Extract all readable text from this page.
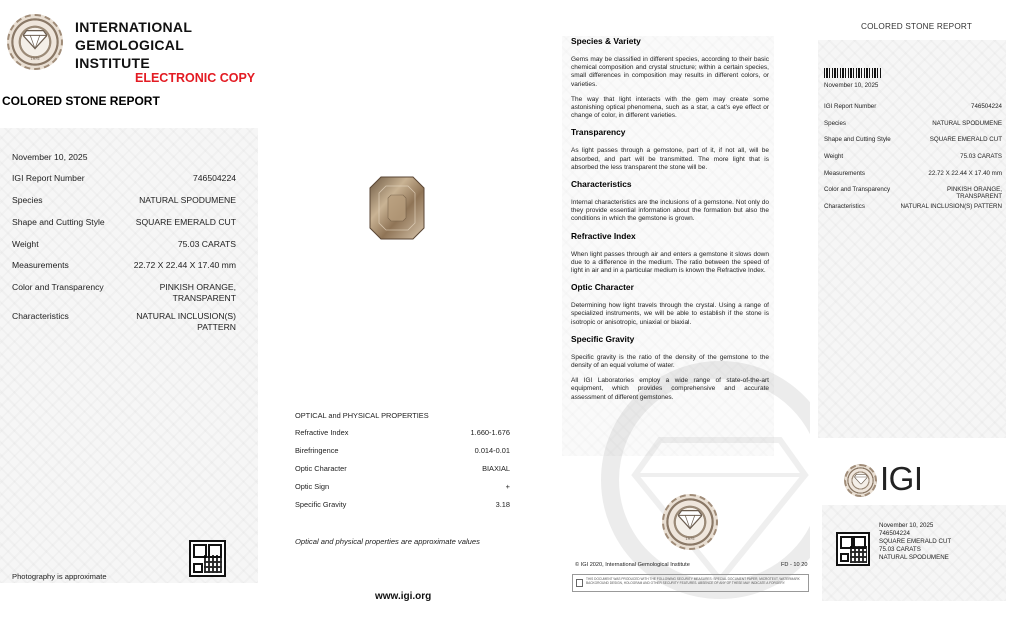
1975
INTERNATIONAL
GEMOLOGICAL
INSTITUTE
ELECTRONIC COPY
COLORED STONE REPORT
November 10, 2025
IGI Report Number	746504224
Species	NATURAL SPODUMENE
Shape and Cutting Style	SQUARE EMERALD CUT
Weight	75.03 CARATS
Measurements	22.72 X 22.44 X 17.40 mm
Color and Transparency	PINKISH ORANGE,
TRANSPARENT
Characteristics	NATURAL INCLUSION(S)
PATTERN
Photography is approximate
OPTICAL and PHYSICAL PROPERTIES
Refractive Index	1.660-1.676
Birefringence	0.014-0.01
Optic Character	BIAXIAL
Optic Sign	+
Specific Gravity	3.18
Optical and physical properties are approximate values
www.igi.org
Species & Variety

Gems may be classified in different species, according to their basic chemical composition and crystal structure; within a certain species, small differences in composition may results in different colors, or varieties.

The way that light interacts with the gem may create some astonishing optical phenomena, such as a star, a cat’s eye effect or change of color, in different varieties.

Transparency

As light passes through a gemstone, part of it, if not all, will be absorbed, and part will be transmitted. The more light that is absorbed the less transparent the stone will be.

Characteristics

Internal characteristics are the inclusions of a gemstone. Not only do they provide essential information about the formation but also the conditions in which the gemstone is grown.

Refractive Index

When light passes through air and enters a gemstone it slows down due to a difference in the medium. The ratio between the speed of light in air and in a particular medium is known the Refractive Index.

Optic Character

Determining how light travels through the crystal. Using a range of specialized instruments, we will be able to establish if the stone is isotropic or anisotropic, uniaxial or biaxial.

Specific Gravity

Specific gravity is the ratio of the density of the gemstone to the density of an equal volume of water.

All IGI Laboratories employ a wide range of state-of-the-art equipment, which provides comprehensive and accurate assessment of different gemstones.

1975
© IGI 2020, International Gemological Institute	FD - 10 20
THIS DOCUMENT WAS PRODUCED WITH THE FOLLOWING SECURITY MEASURES: SPECIAL DOCUMENT PAPER, MICROTEXT, WATERMARK BACKGROUND DESIGN, HOLOGRAM AND OTHER SECURITY FEATURES. ABSENCE OF ANY OF THESE MAY INDICATE A FORGERY.
COLORED STONE REPORT
November 10, 2025
IGI Report Number	746504224
Species	NATURAL SPODUMENE
Shape and Cutting Style	SQUARE EMERALD CUT
Weight	75.03 CARATS
Measurements	22.72 X 22.44 X 17.40 mm
Color and Transparency	PINKISH ORANGE,
TRANSPARENT
Characteristics	NATURAL INCLUSION(S) PATTERN
IGI
November 10, 2025
746504224
SQUARE EMERALD CUT
75.03 CARATS
NATURAL SPODUMENE
